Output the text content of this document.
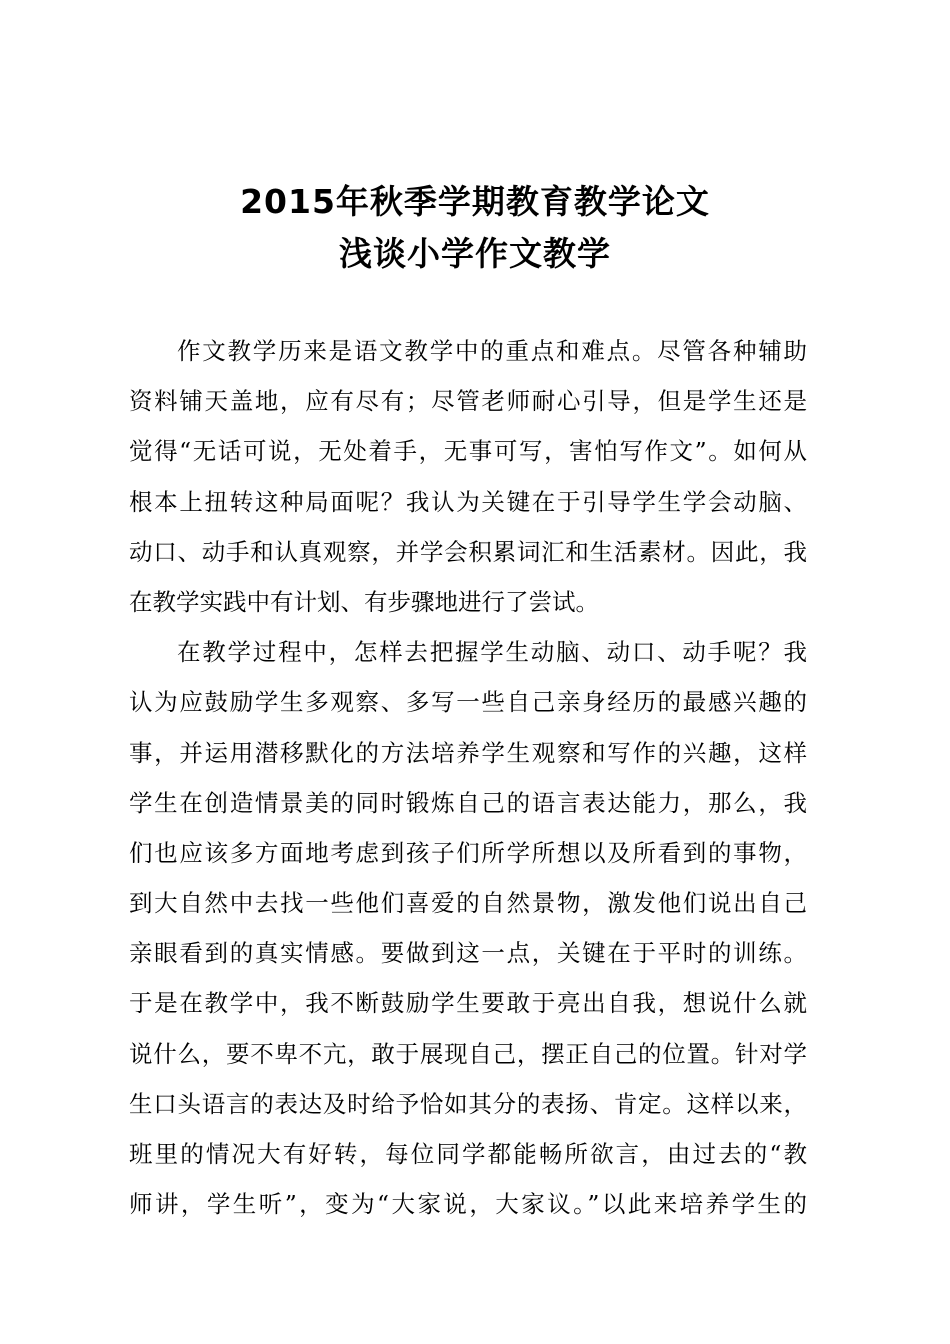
2015年秋季学期教育教学论文
浅谈小学作文教学
作文教学历来是语文教学中的重点和难点。尽管各种辅助
资料铺天盖地，应有尽有；尽管老师耐心引导，但是学生还是
觉得“无话可说，无处着手，无事可写，害怕写作文”。如何从
根本上扭转这种局面呢？我认为关键在于引导学生学会动脑、
动口、动手和认真观察，并学会积累词汇和生活素材。因此，我
在教学实践中有计划、有步骤地进行了尝试。
在教学过程中，怎样去把握学生动脑、动口、动手呢？我
认为应鼓励学生多观察、多写一些自己亲身经历的最感兴趣的
事，并运用潜移默化的方法培养学生观察和写作的兴趣，这样
学生在创造情景美的同时锻炼自己的语言表达能力，那么，我
们也应该多方面地考虑到孩子们所学所想以及所看到的事物，
到大自然中去找一些他们喜爱的自然景物，激发他们说出自己
亲眼看到的真实情感。要做到这一点，关键在于平时的训练。
于是在教学中，我不断鼓励学生要敢于亮出自我，想说什么就
说什么，要不卑不亢，敢于展现自己，摆正自己的位置。针对学
生口头语言的表达及时给予恰如其分的表扬、肯定。这样以来，
班里的情况大有好转，每位同学都能畅所欲言，由过去的“教
师讲，学生听”，变为“大家说，大家议。”以此来培养学生的
